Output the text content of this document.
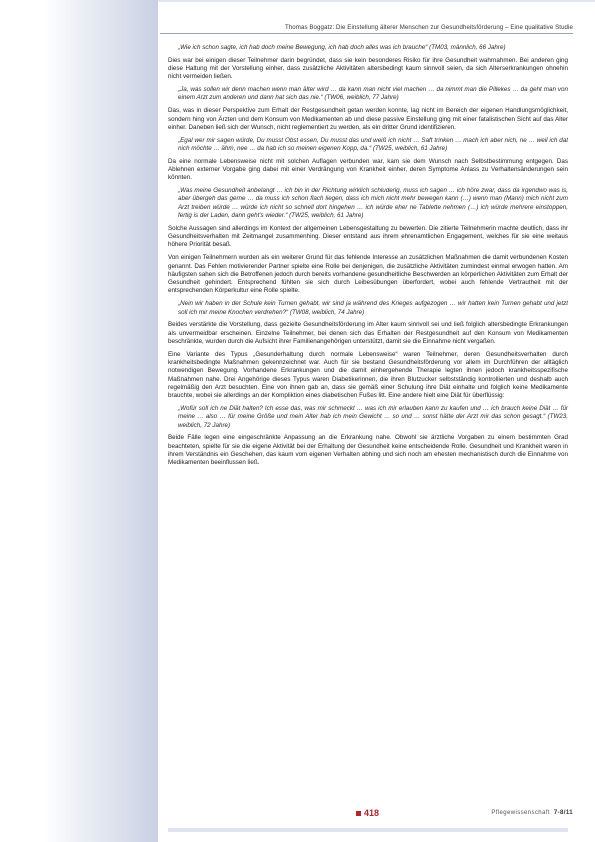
Thomas Boggatz: Die Einstellung älterer Menschen zur Gesundheitsförderung – Eine qualitative Studie

„Wie ich schon sagte, ich hab doch meine Bewegung, ich hab doch alles was ich brauche“ (TM03, männlich, 66 Jahre)

Dies war bei einigen dieser Teilnehmer darin begründet, dass sie kein besonderes Risiko für ihre Gesundheit wahrnahmen. Bei anderen ging diese Haltung mit der Vorstellung einher, dass zusätzliche Aktivitäten altersbedingt kaum sinnvoll seien, da sich Alterserkrankungen ohnehin nicht vermeiden ließen.

„Ja, was sollen wir denn machen wenn man älter wird … da kann man nicht viel machen … da nimmt man die Pillekes … da geht man von einem Arzt zum anderen und dann hat sich das nie.“ (TW06, weiblich, 77 Jahre)

Das, was in dieser Perspektive zum Erhalt der Restgesundheit getan werden konnte, lag nicht im Bereich der eigenen Handlungsmöglichkeit, sondern hing von Ärzten und dem Konsum von Medikamenten ab und diese passive Einstellung ging mit einer fatalistischen Sicht auf das Alter einher. Daneben ließ sich der Wunsch, nicht reglementiert zu werden, als ein dritter Grund identifizieren.

„Egal wer mir sagen würde, Du musst Obst essen, Du musst das und weiß ich nicht … Saft trinken … mach ich aber nich, ne … weil ich dat nich möchte … ähm, nee … da hab ich so meinen eigenen Kopp, da.“ (TW25, weiblich, 61 Jahre)

Da eine normale Lebensweise nicht mit solchen Auflagen verbunden war, kam sie dem Wunsch nach Selbstbestimmung entgegen. Das Ablehnen externer Vorgabe ging dabei mit einer Verdrängung von Krankheit einher, deren Symptome Anlass zu Verhaltensänderungen sein könnten.

„Was meine Gesundheit anbelangt … ich bin in der Richtung wirklich schluderig, muss ich sagen … ich höre zwar, dass da irgendwo was is, aber übergeh das gerne … da muss ich schon flach liegen, dass ich mich nicht mehr bewegen kann (…) wenn man (Mann) mich nicht zum Arzt treiben würde … würde ich nicht so schnell dort hingehen … ich würde eher ne Tablette nehmen (…) ich würde mehrere einstoppen, fertig is der Laden, dann geht's wieder.“ (TW25, weiblich, 61 Jahre)

Solche Aussagen sind allerdings im Kontext der allgemeinen Lebensgestaltung zu bewerten. Die zitierte Teilnehmerin machte deutlich, dass ihr Gesundheitsverhalten mit Zeitmangel zusammenhing. Dieser entstand aus ihrem ehrenamtlichen Engagement, welches für sie eine weitaus höhere Priorität besaß.

Von einigen Teilnehmern wurden als ein weiterer Grund für das fehlende Interesse an zusätzlichen Maßnahmen die damit verbundenen Kosten genannt. Das Fehlen motivierender Partner spielte eine Rolle bei denjenigen, die zusätzliche Aktivitäten zumindest einmal erwogen hatten. Am häufigsten sahen sich die Betroffenen jedoch durch bereits vorhandene gesundheitliche Beschwerden an körperlichen Aktivitäten zum Erhalt der Gesundheit gehindert. Entsprechend fühlten sie sich durch Leibesübungen überfordert, wobei auch fehlende Vertrautheit mit der entsprechenden Körperkultur eine Rolle spielte.

„Nein wir haben in der Schule kein Turnen gehabt, wir sind ja während des Krieges aufgezogen … wir hatten kein Turnen gehabt und jetzt soll ich mir meine Knochen verdrehen?“ (TW08, weiblich, 74 Jahre)

Beides verstärkte die Vorstellung, dass gezielte Gesundheitsförderung im Alter kaum sinnvoll sei und ließ folglich altersbedingte Erkrankungen als unvermeidbar erscheinen. Einzelne Teilnehmer, bei denen sich das Erhalten der Restgesundheit auf den Konsum von Medikamenten beschränkte, wurden durch die Aufsicht ihrer Familienangehörigen unterstützt, damit sie die Einnahme nicht vergaßen.

Eine Variante des Typus „Gesunderhaltung durch normale Lebensweise“ waren Teilnehmer, deren Gesundheitsverhalten durch krankheitsbedingte Maßnahmen gekennzeichnet war. Auch für sie bestand Gesundheitsförderung vor allem im Durchführen der alltäglich notwendigen Bewegung. Vorhandene Erkrankungen und die damit einhergehende Therapie legten ihnen jedoch krankheitsspezifische Maßnahmen nahe. Drei Angehörige dieses Typus waren Diabetikerinnen, die ihren Blutzucker selbstständig kontrollierten und deshalb auch regelmäßig den Arzt besuchten. Eine von ihnen gab an, dass sie gemäß einer Schulung ihre Diät einhalte und folglich keine Medikamente brauchte, wobei sie allerdings an der Kompliktion eines diabetischen Fußes litt. Eine andere hielt eine Diät für überflüssig:

„Wofür soll ich ne Diät halten? Ich esse das, was mir schmeckt … was ich mir erlauben kann zu kaufen und … ich brauch keine Diät … für meine … also … für meine Größe und mein Alter hab ich mein Gewicht … so und … sonst hätte der Arzt mir das schon gesagt.“ (TW23, weiblich, 72 Jahre)

Beide Fälle legen eine eingeschränkte Anpassung an die Erkrankung nahe. Obwohl sie ärztliche Vorgaben zu einem bestimmten Grad beachteten, spielte für sie die eigene Aktivität bei der Erhaltung der Gesundheit keine entscheidende Rolle. Gesundheit und Krankheit waren in ihrem Verständnis ein Geschehen, das kaum vom eigenen Verhalten abhing und sich noch am ehesten mechanistisch durch die Einnahme von Medikamenten beeinflussen ließ.

418	Pflegewissenschaft 7-8/11
